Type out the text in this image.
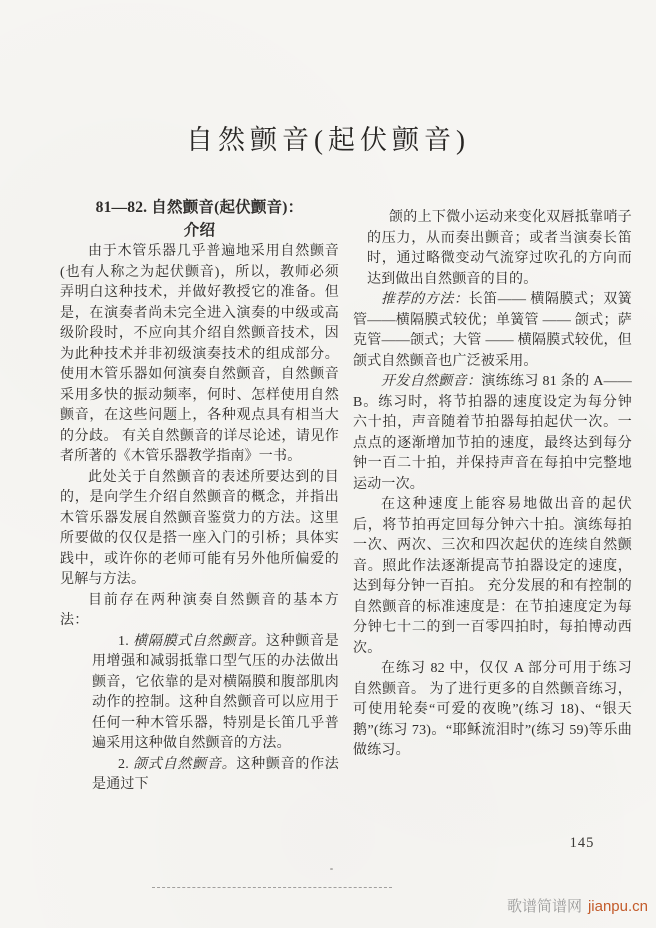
自然颤音(起伏颤音)

81—82. 自然颤音(起伏颤音)：
介绍

由于木管乐器几乎普遍地采用自然颤音(也有人称之为起伏颤音)，所以，教师必须弄明白这种技术，并做好教授它的准备。但是，在演奏者尚未完全进入演奏的中级或高级阶段时，不应向其介绍自然颤音技术，因为此种技术并非初级演奏技术的组成部分。使用木管乐器如何演奏自然颤音，自然颤音采用多快的振动频率，何时、怎样使用自然颤音，在这些问题上，各种观点具有相当大的分歧。 有关自然颤音的详尽论述，请见作者所著的《木管乐器教学指南》一书。

此处关于自然颤音的表述所要达到的目的，是向学生介绍自然颤音的概念，并指出木管乐器发展自然颤音鉴赏力的方法。这里所要做的仅仅是搭一座入门的引桥；具体实践中，或许你的老师可能有另外他所偏爱的见解与方法。

目前存在两种演奏自然颤音的基本方法：

1. 横隔膜式自然颤音。这种颤音是用增强和减弱抵靠口型气压的办法做出颤音，它依靠的是对横隔膜和腹部肌肉动作的控制。这种自然颤音可以应用于任何一种木管乐器，特别是长笛几乎普遍采用这种做自然颤音的方法。

2. 颌式自然颤音。这种颤音的作法是通过下

颌的上下微小运动来变化双唇抵靠哨子的压力，从而奏出颤音；或者当演奏长笛时，通过略微变动气流穿过吹孔的方向而达到做出自然颤音的目的。

推荐的方法：长笛—— 横隔膜式；双簧管——横隔膜式较优；单簧管 —— 颌式；萨克管——颌式；大管 —— 横隔膜式较优，但颌式自然颤音也广泛被采用。

开发自然颤音：演练练习 81 条的 A——B。练习时，将节拍器的速度设定为每分钟六十拍，声音随着节拍器每拍起伏一次。一点点的逐渐增加节拍的速度，最终达到每分钟一百二十拍，并保持声音在每拍中完整地运动一次。

在这种速度上能容易地做出音的起伏后，将节拍再定回每分钟六十拍。演练每拍一次、两次、三次和四次起伏的连续自然颤音。照此作法逐渐提高节拍器设定的速度，达到每分钟一百拍。 充分发展的和有控制的自然颤音的标准速度是：在节拍速度定为每分钟七十二的到一百零四拍时，每拍博动西次。

在练习 82 中，仅仅 A 部分可用于练习自然颤音。 为了进行更多的自然颤音练习，可使用轮奏“可爱的夜晚”(练习 18)、“银天鹅”(练习 73)。“耶稣流泪时”(练习 59)等乐曲做练习。

145
歌谱简谱网 jianpu.cn
